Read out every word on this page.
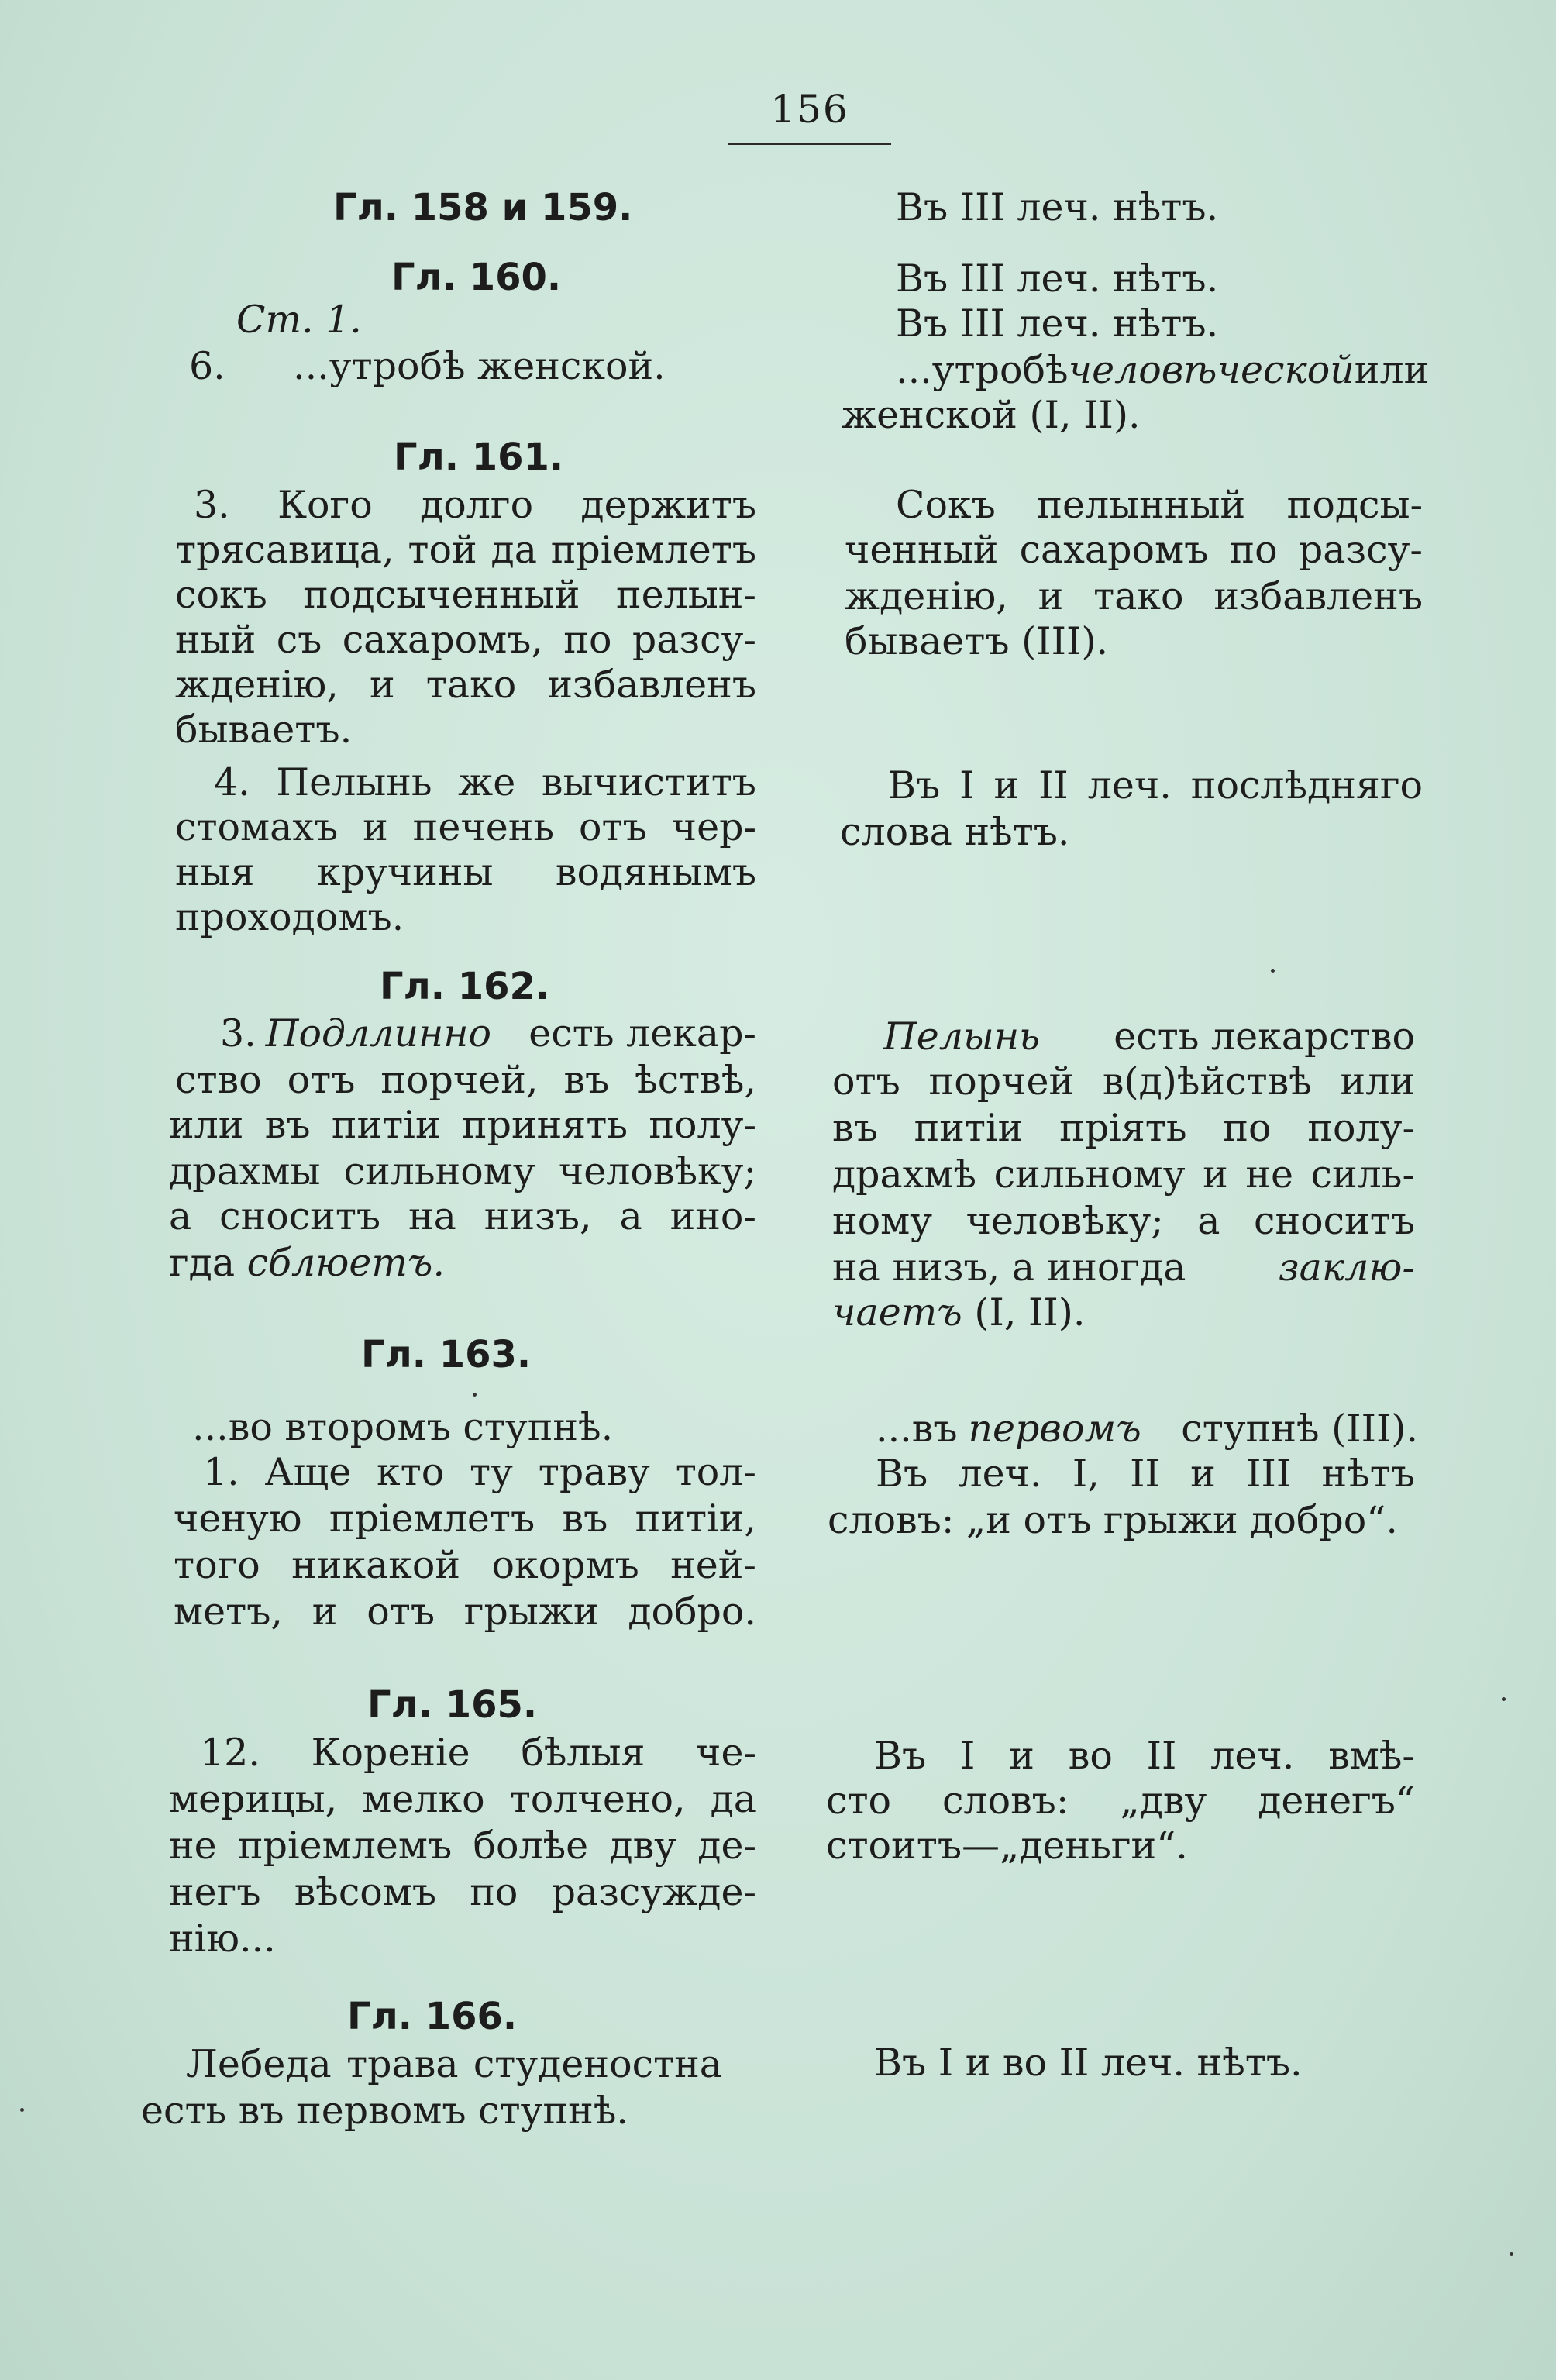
156
Гл. 158 и 159.
Гл. 160.
Ст. 1.
6. ...утробѣ женской.
Гл. 161.
3. Кого долго держитъ
трясавица, той да пріемлетъ
сокъ подсыченный пелын-
ный съ сахаромъ, по разсу-
жденію, и тако избавленъ
бываетъ.
4. Пелынь же вычиститъ
стомахъ и печень отъ чер-
ныя кручины водянымъ
проходомъ.
Гл. 162.
3. Подллинно есть лекар-
ство отъ порчей, въ ѣствѣ,
или въ питіи принять полу-
драхмы сильному человѣку;
а сноситъ на низъ, а ино-
гда сблюетъ.
Гл. 163.
...во второмъ ступнѣ.
1. Аще кто ту траву тол-
ченую пріемлетъ въ питіи,
того никакой окормъ ней-
метъ, и отъ грыжи добро.
Гл. 165.
12. Кореніе бѣлыя че-
мерицы, мелко толчено, да
не пріемлемъ болѣе дву де-
негъ вѣсомъ по разсужде-
нію...
Гл. 166.
Лебеда трава студеностна
есть въ первомъ ступнѣ.
Въ III леч. нѣтъ.
Въ III леч. нѣтъ.
Въ III леч. нѣтъ.
...утробѣ человѣческой или
женской (I, II).
Сокъ пелынный подсы-
ченный сахаромъ по разсу-
жденію, и тако избавленъ
бываетъ (III).
Въ I и II леч. послѣдняго
слова нѣтъ.
Пелынь есть лекарство
отъ порчей в(д)ѣйствѣ или
въ питіи пріять по полу-
драхмѣ сильному и не силь-
ному человѣку; а сноситъ
на низъ, а иногда заклю-
чаетъ (I, II).
...въ первомъ ступнѣ (III).
Въ леч. I, II и III нѣтъ
словъ: „и отъ грыжи добро“.
Въ I и во II леч. вмѣ-
сто словъ: „дву денегъ“
стоитъ—„деньги“.
Въ I и во II леч. нѣтъ.
